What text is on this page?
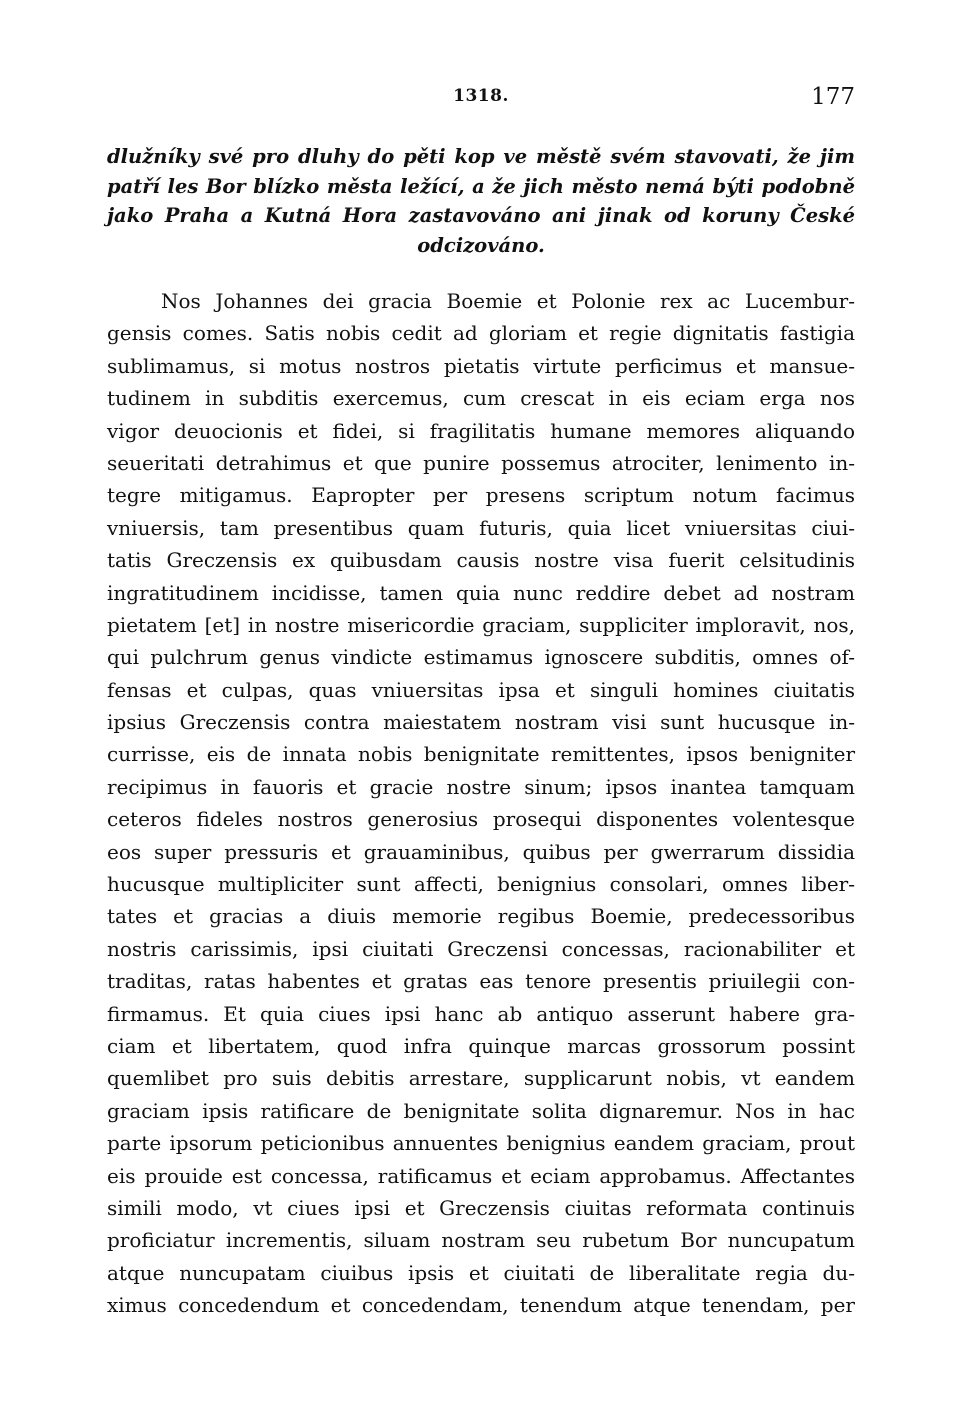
1318.	177
dlužníky své pro dluhy do pěti kop ve městě svém stavovati, že jim
patří les Bor blízko města ležící, a že jich město nemá býti podobně
jako Praha a Kutná Hora zastavováno ani jinak od koruny České
odcizováno.
Nos Johannes dei gracia Boemie et Polonie rex ac Lucembur-
gensis comes. Satis nobis cedit ad gloriam et regie dignitatis fastigia
sublimamus, si motus nostros pietatis virtute perficimus et mansue-
tudinem in subditis exercemus, cum crescat in eis eciam erga nos
vigor deuocionis et fidei, si fragilitatis humane memores aliquando
seueritati detrahimus et que punire possemus atrociter, lenimento in-
tegre mitigamus. Eapropter per presens scriptum notum facimus
vniuersis, tam presentibus quam futuris, quia licet vniuersitas ciui-
tatis Greczensis ex quibusdam causis nostre visa fuerit celsitudinis
ingratitudinem incidisse, tamen quia nunc reddire debet ad nostram
pietatem [et] in nostre misericordie graciam, suppliciter imploravit, nos,
qui pulchrum genus vindicte estimamus ignoscere subditis, omnes of-
fensas et culpas, quas vniuersitas ipsa et singuli homines ciuitatis
ipsius Greczensis contra maiestatem nostram visi sunt hucusque in-
currisse, eis de innata nobis benignitate remittentes, ipsos benigniter
recipimus in fauoris et gracie nostre sinum; ipsos inantea tamquam
ceteros fideles nostros generosius prosequi disponentes volentesque
eos super pressuris et grauaminibus, quibus per gwerrarum dissidia
hucusque multipliciter sunt affecti, benignius consolari, omnes liber-
tates et gracias a diuis memorie regibus Boemie, predecessoribus
nostris carissimis, ipsi ciuitati Greczensi concessas, racionabiliter et
traditas, ratas habentes et gratas eas tenore presentis priuilegii con-
firmamus. Et quia ciues ipsi hanc ab antiquo asserunt habere gra-
ciam et libertatem, quod infra quinque marcas grossorum possint
quemlibet pro suis debitis arrestare, supplicarunt nobis, vt eandem
graciam ipsis ratificare de benignitate solita dignaremur. Nos in hac
parte ipsorum peticionibus annuentes benignius eandem graciam, prout
eis prouide est concessa, ratificamus et eciam approbamus. Affectantes
simili modo, vt ciues ipsi et Greczensis ciuitas reformata continuis
proficiatur incrementis, siluam nostram seu rubetum Bor nuncupatum
atque nuncupatam ciuibus ipsis et ciuitati de liberalitate regia du-
ximus concedendum et concedendam, tenendum atque tenendam, per
